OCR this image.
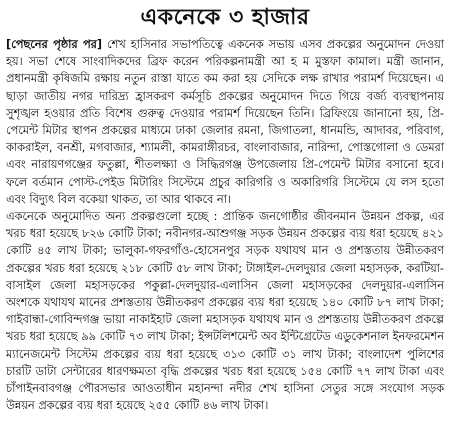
একনেকে ৩ হাজার

[পেছনের পৃষ্ঠার পর] শেখ হাসিনার সভাপতিত্বে একনেক সভায় এসব প্রকল্পের অনুমোদন দেওয়া হয়। সভা শেষে সাংবাদিকদের ব্রিফ করেন পরিকল্পনামন্ত্রী আ হ ম মুস্তফা কামাল। মন্ত্রী জানান, প্রধানমন্ত্রী কৃষিজমি রক্ষায় নতুন রাস্তা যাতে কম করা হয় সেদিকে লক্ষ রাখার পরামর্শ দিয়েছেন। এ ছাড়া জাতীয় নগর দারিদ্র্য হ্রাসকরণ কর্মসূচি প্রকল্পের অনুমোদন দিতে গিয়ে বর্জ্য ব্যবস্থাপনায় সুশৃঙ্খল হওয়ার প্রতি বিশেষ গুরুত্ব দেওয়ার পরামর্শ দিয়েছেন তিনি। ব্রিফিংয়ে জানানো হয়, প্রি-পেমেন্ট মিটার স্থাপন প্রকল্পের মাধ্যমে ঢাকা জেলার রমনা, জিগাতলা, ধানমন্ডি, আদাবর, পরিবাগ, কাকরাইল, বনশ্রী, মগবাজার, শ্যামলী, কামরাঙ্গীরচর, বাংলাবাজার, নারিন্দা, পোস্তগোলা ও ডেমরা এবং নারায়ণগঞ্জের ফতুল্লা, শীতলক্ষ্যা ও সিদ্ধিরগঞ্জ উপজেলায় প্রি-পেমেন্ট মিটার বসানো হবে। ফলে বর্তমান পোস্ট-পেইড মিটারিং সিস্টেমে প্রচুর কারিগরি ও অকারিগরি সিস্টেমে যে লস হতো এবং বিদ্যুৎ বিল বকেয়া থাকত, তা আর থাকবে না।

একনেকে অনুমোদিত অন্য প্রকল্পগুলো হচ্ছে : প্রান্তিক জনগোষ্ঠীর জীবনমান উন্নয়ন প্রকল্প, এর খরচ ধরা হয়েছে ৮২৬ কোটি টাকা; নবীনগর-আশুগঞ্জ সড়ক উন্নয়ন প্রকল্পের ব্যয় ধরা হয়েছে ৪২১ কোটি ৪৫ লাখ টাকা; ভালুকা-গফরগাঁও-হোসেনপুর সড়ক যথাযথ মান ও প্রশস্ততায় উন্নীতকরণ প্রকল্পের খরচ ধরা হয়েছে ২১৮ কোটি ৫৮ লাখ টাকা; টাঙ্গাইল-দেলদুয়ার জেলা মহাসড়ক, করটিয়া-বাসাইল জেলা মহাসড়কের পকুল্লা-দেলদুয়ার-এলাসিন জেলা মহাসড়কের দেলদুয়ার-এলাসিন অংশকে যথাযথ মানের প্রশস্ততায় উন্নীতকরণ প্রকল্পের ব্যয় ধরা হয়েছে ১৪০ কোটি ৮৭ লাখ টাকা; গাইবান্ধা-গোবিন্দগঞ্জ ভায়া নাকাইহাট জেলা মহাসড়ক যথাযথ মান ও প্রশস্ততায় উন্নীতকরণ প্রকল্পে খরচ ধরা হয়েছে ৯৯ কোটি ৭৩ লাখ টাকা; ইন্সটলিশমেন্ট অব ইন্টিগ্রেটেড এডুকেশনাল ইনফরমেশন ম্যানেজমেন্ট সিস্টেম প্রকল্পের ব্যয় ধরা হয়েছে ৩১৩ কোটি ৩১ লাখ টাকা; বাংলাদেশ পুলিশের চারটি ডাটা সেন্টারের ধারণক্ষমতা বৃদ্ধি প্রকল্পের খরচ ধরা হয়েছে ১৫৪ কোটি ৭৭ লাখ টাকা এবং চাঁপাইনবাবগঞ্জ পৌরসভার আওতাধীন মহানন্দা নদীর শেখ হাসিনা সেতুর সঙ্গে সংযোগ সড়ক উন্নয়ন প্রকল্পের ব্যয় ধরা হয়েছে ২৫৫ কোটি ৪৬ লাখ টাকা।
